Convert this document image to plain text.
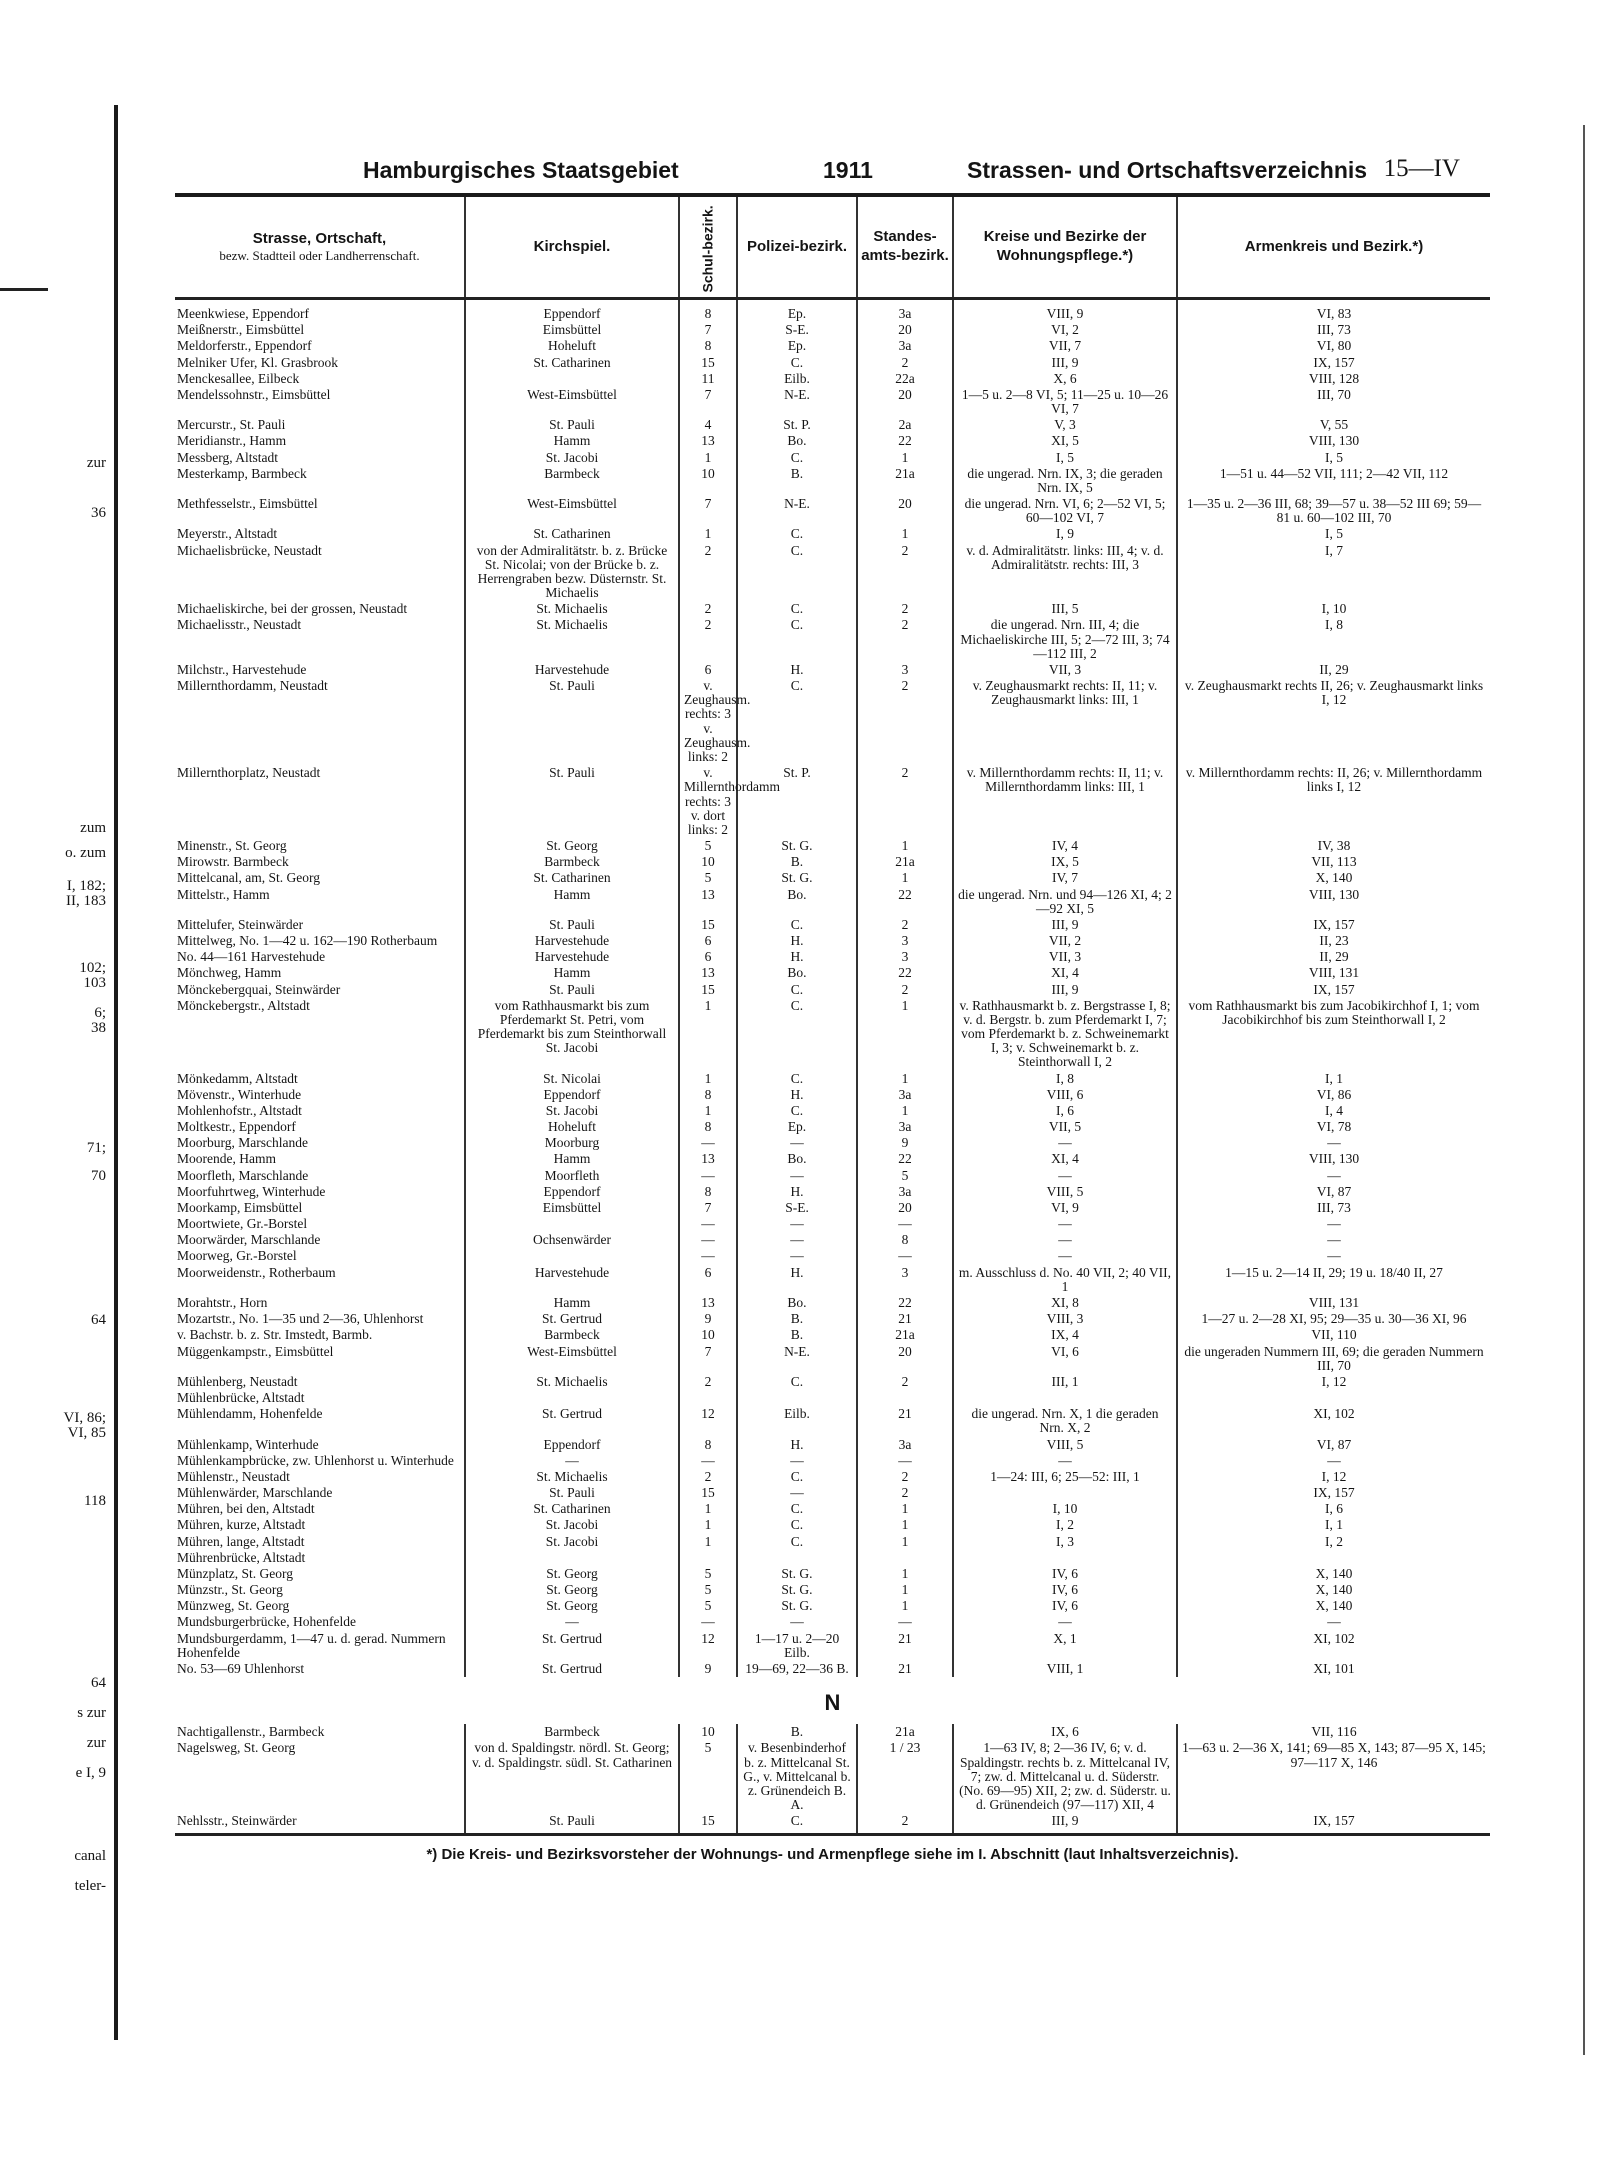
zur
36
zum
o. zum
I, 182;
II, 183
102;
103
6;
38
71;
70
64
VI, 86;
VI, 85
118
64
s zur
zur
e I, 9
canal
teler-
Hamburgisches Staatsgebiet	1911	Strassen- und Ortschaftsverzeichnis 15—IV
Strasse, Ortschaft,
bezw. Stadtteil oder Landherrenschaft.	Kirchspiel.	Schul-bezirk.	Polizei-bezirk.	Standes-amts-bezirk.	Kreise und Bezirke der Wohnungspflege.*)	Armenkreis und Bezirk.*)

Meenkwiese, Eppendorf	Eppendorf	8	Ep.	3a	VIII, 9	VI, 83
Meißnerstr., Eimsbüttel	Eimsbüttel	7	S-E.	20	VI, 2	III, 73
Meldorferstr., Eppendorf	Hoheluft	8	Ep.	3a	VII, 7	VI, 80
Melniker Ufer, Kl. Grasbrook	St. Catharinen	15	C.	2	III, 9	IX, 157
Menckesallee, Eilbeck		11	Eilb.	22a	X, 6	VIII, 128
Mendelssohnstr., Eimsbüttel	West-Eimsbüttel	7	N-E.	20	1—5 u. 2—8 VI, 5; 11—25 u. 10—26 VI, 7	III, 70
Mercurstr., St. Pauli	St. Pauli	4	St. P.	2a	V, 3	V, 55
Meridianstr., Hamm	Hamm	13	Bo.	22	XI, 5	VIII, 130
Messberg, Altstadt	St. Jacobi	1	C.	1	I, 5	I, 5
Mesterkamp, Barmbeck	Barmbeck	10	B.	21a	die ungerad. Nrn. IX, 3; die geraden Nrn. IX, 5	1—51 u. 44—52 VII, 111; 2—42 VII, 112
Methfesselstr., Eimsbüttel	West-Eimsbüttel	7	N-E.	20	die ungerad. Nrn. VI, 6; 2—52 VI, 5; 60—102 VI, 7	1—35 u. 2—36 III, 68; 39—57 u. 38—52 III 69; 59—81 u. 60—102 III, 70
Meyerstr., Altstadt	St. Catharinen	1	C.	1	I, 9	I, 5
Michaelisbrücke, Neustadt	von der Admiralitätstr. b. z. Brücke St. Nicolai; von der Brücke b. z. Herrengraben bezw. Düsternstr. St. Michaelis	2	C.	2	v. d. Admiralitätstr. links: III, 4; v. d. Admiralitätstr. rechts: III, 3	I, 7
Michaeliskirche, bei der grossen, Neustadt	St. Michaelis	2	C.	2	III, 5	I, 10
Michaelisstr., Neustadt	St. Michaelis	2	C.	2	die ungerad. Nrn. III, 4; die Michaeliskirche III, 5; 2—72 III, 3; 74—112 III, 2	I, 8
Milchstr., Harvestehude	Harvestehude	6	H.	3	VII, 3	II, 29
Millernthordamm, Neustadt	St. Pauli	v. Zeughausm. rechts: 3 v. Zeughausm. links: 2	C.	2	v. Zeughausmarkt rechts: II, 11; v. Zeughausmarkt links: III, 1	v. Zeughausmarkt rechts II, 26; v. Zeughausmarkt links I, 12
Millernthorplatz, Neustadt	St. Pauli	v. Millernthordamm rechts: 3 v. dort links: 2	St. P.	2	v. Millernthordamm rechts: II, 11; v. Millernthordamm links: III, 1	v. Millernthordamm rechts: II, 26; v. Millernthordamm links I, 12
Minenstr., St. Georg	St. Georg	5	St. G.	1	IV, 4	IV, 38
Mirowstr. Barmbeck	Barmbeck	10	B.	21a	IX, 5	VII, 113
Mittelcanal, am, St. Georg	St. Catharinen	5	St. G.	1	IV, 7	X, 140
Mittelstr., Hamm	Hamm	13	Bo.	22	die ungerad. Nrn. und 94—126 XI, 4; 2—92 XI, 5	VIII, 130
Mittelufer, Steinwärder	St. Pauli	15	C.	2	III, 9	IX, 157
Mittelweg, No. 1—42 u. 162—190 Rotherbaum	Harvestehude	6	H.	3	VII, 2	II, 23
No. 44—161 Harvestehude	Harvestehude	6	H.	3	VII, 3	II, 29
Mönchweg, Hamm	Hamm	13	Bo.	22	XI, 4	VIII, 131
Mönckebergquai, Steinwärder	St. Pauli	15	C.	2	III, 9	IX, 157
Mönckebergstr., Altstadt	vom Rathhausmarkt bis zum Pferdemarkt St. Petri, vom Pferdemarkt bis zum Steinthorwall St. Jacobi	1	C.	1	v. Rathhausmarkt b. z. Bergstrasse I, 8; v. d. Bergstr. b. zum Pferdemarkt I, 7; vom Pferdemarkt b. z. Schweinemarkt I, 3; v. Schweinemarkt b. z. Steinthorwall I, 2	vom Rathhausmarkt bis zum Jacobikirchhof I, 1; vom Jacobikirchhof bis zum Steinthorwall I, 2
Mönkedamm, Altstadt	St. Nicolai	1	C.	1	I, 8	I, 1
Mövenstr., Winterhude	Eppendorf	8	H.	3a	VIII, 6	VI, 86
Mohlenhofstr., Altstadt	St. Jacobi	1	C.	1	I, 6	I, 4
Moltkestr., Eppendorf	Hoheluft	8	Ep.	3a	VII, 5	VI, 78
Moorburg, Marschlande	Moorburg	—	—	9	—	—
Moorende, Hamm	Hamm	13	Bo.	22	XI, 4	VIII, 130
Moorfleth, Marschlande	Moorfleth	—	—	5	—	—
Moorfuhrtweg, Winterhude	Eppendorf	8	H.	3a	VIII, 5	VI, 87
Moorkamp, Eimsbüttel	Eimsbüttel	7	S-E.	20	VI, 9	III, 73
Moortwiete, Gr.-Borstel		—	—	—	—	—
Moorwärder, Marschlande	Ochsenwärder	—	—	8	—	—
Moorweg, Gr.-Borstel		—	—	—	—	—
Moorweidenstr., Rotherbaum	Harvestehude	6	H.	3	m. Ausschluss d. No. 40 VII, 2; 40 VII, 1	1—15 u. 2—14 II, 29; 19 u. 18/40 II, 27
Morahtstr., Horn	Hamm	13	Bo.	22	XI, 8	VIII, 131
Mozartstr., No. 1—35 und 2—36, Uhlenhorst	St. Gertrud	9	B.	21	VIII, 3	1—27 u. 2—28 XI, 95; 29—35 u. 30—36 XI, 96
v. Bachstr. b. z. Str. Imstedt, Barmb.	Barmbeck	10	B.	21a	IX, 4	VII, 110
Müggenkampstr., Eimsbüttel	West-Eimsbüttel	7	N-E.	20	VI, 6	die ungeraden Nummern III, 69; die geraden Nummern III, 70
Mühlenberg, Neustadt	St. Michaelis	2	C.	2	III, 1	I, 12
Mühlenbrücke, Altstadt						
Mühlendamm, Hohenfelde	St. Gertrud	12	Eilb.	21	die ungerad. Nrn. X, 1 die geraden Nrn. X, 2	XI, 102
Mühlenkamp, Winterhude	Eppendorf	8	H.	3a	VIII, 5	VI, 87
Mühlenkampbrücke, zw. Uhlenhorst u. Winterhude	—	—	—	—	—	—
Mühlenstr., Neustadt	St. Michaelis	2	C.	2	1—24: III, 6; 25—52: III, 1	I, 12
Mühlenwärder, Marschlande	St. Pauli	15	—	2		IX, 157
Mühren, bei den, Altstadt	St. Catharinen	1	C.	1	I, 10	I, 6
Mühren, kurze, Altstadt	St. Jacobi	1	C.	1	I, 2	I, 1
Mühren, lange, Altstadt	St. Jacobi	1	C.	1	I, 3	I, 2
Mührenbrücke, Altstadt						
Münzplatz, St. Georg	St. Georg	5	St. G.	1	IV, 6	X, 140
Münzstr., St. Georg	St. Georg	5	St. G.	1	IV, 6	X, 140
Münzweg, St. Georg	St. Georg	5	St. G.	1	IV, 6	X, 140
Mundsburgerbrücke, Hohenfelde	—	—	—	—	—	—
Mundsburgerdamm, 1—47 u. d. gerad. Nummern Hohenfelde	St. Gertrud	12	1—17 u. 2—20 Eilb.	21	X, 1	XI, 102
No. 53—69 Uhlenhorst	St. Gertrud	9	19—69, 22—36 B.	21	VIII, 1	XI, 101
N						
Nachtigallenstr., Barmbeck	Barmbeck	10	B.	21a	IX, 6	VII, 116
Nagelsweg, St. Georg	von d. Spaldingstr. nördl. St. Georg; v. d. Spaldingstr. südl. St. Catharinen	5	v. Besenbinderhof b. z. Mittelcanal St. G., v. Mittelcanal b. z. Grünendeich B. A.	1 / 23	1—63 IV, 8; 2—36 IV, 6; v. d. Spaldingstr. rechts b. z. Mittelcanal IV, 7; zw. d. Mittelcanal u. d. Süderstr. (No. 69—95) XII, 2; zw. d. Süderstr. u. d. Grünendeich (97—117) XII, 4	1—63 u. 2—36 X, 141; 69—85 X, 143; 87—95 X, 145; 97—117 X, 146
Nehlsstr., Steinwärder	St. Pauli	15	C.	2	III, 9	IX, 157

*) Die Kreis- und Bezirksvorsteher der Wohnungs- und Armenpflege siehe im I. Abschnitt (laut Inhaltsverzeichnis).
